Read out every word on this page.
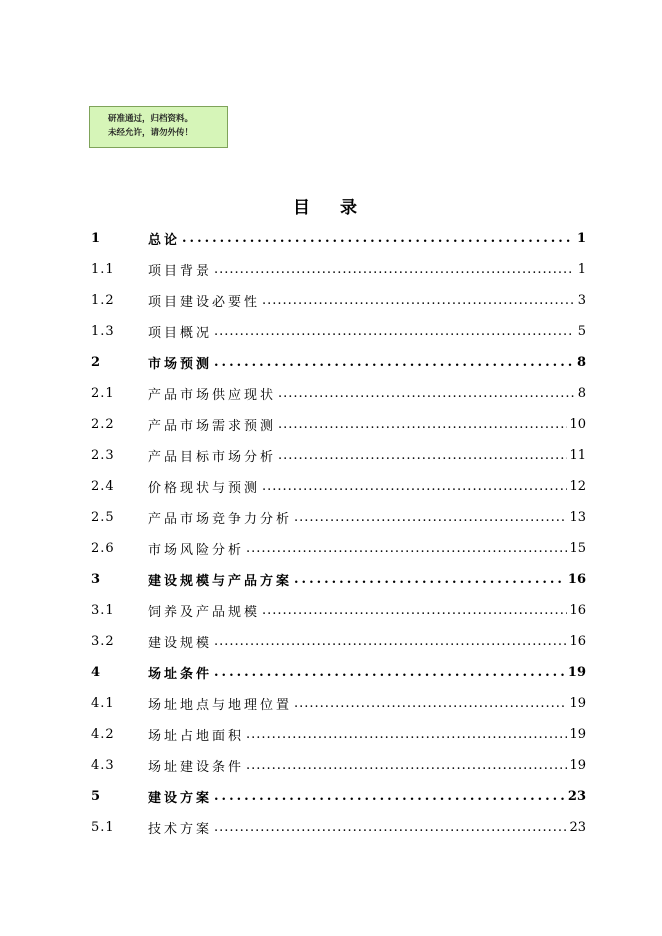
研准通过，归档资料。
未经允许，请勿外传！
目 录
1	总论 .....	1
1.1	项目背景 .....	1
1.2	项目建设必要性 .....	3
1.3	项目概况 .....	5
2	市场预测 .....	8
2.1	产品市场供应现状 .....	8
2.2	产品市场需求预测 .....	10
2.3	产品目标市场分析 .....	11
2.4	价格现状与预测 .....	12
2.5	产品市场竞争力分析 .....	13
2.6	市场风险分析 .....	15
3	建设规模与产品方案 .....	16
3.1	饲养及产品规模 .....	16
3.2	建设规模 .....	16
4	场址条件 .....	19
4.1	场址地点与地理位置 .....	19
4.2	场址占地面积 .....	19
4.3	场址建设条件 .....	19
5	建设方案 .....	23
5.1	技术方案 .....	23
